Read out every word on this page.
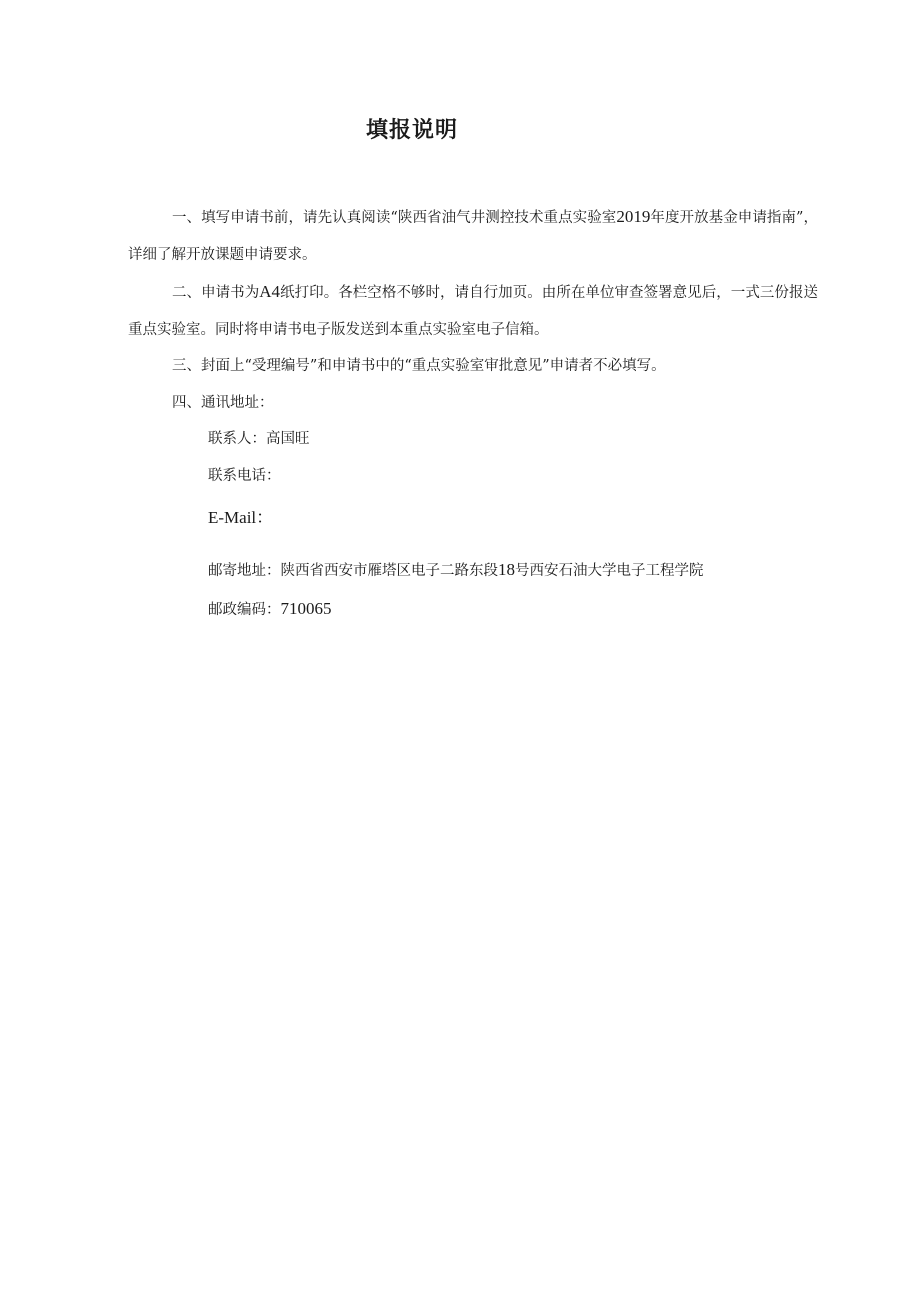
填报说明
一、填写申请书前，请先认真阅读“陕西省油气井测控技术重点实验室2019年度开放基金申请指南”，详细了解开放课题申请要求。
二、申请书为A4纸打印。各栏空格不够时，请自行加页。由所在单位审查签署意见后，一式三份报送重点实验室。同时将申请书电子版发送到本重点实验室电子信箱。
三、封面上“受理编号”和申请书中的“重点实验室审批意见”申请者不必填写。
四、通讯地址：
联系人：高国旺
联系电话：
E-Mail：
邮寄地址：陕西省西安市雁塔区电子二路东段18号西安石油大学电子工程学院
邮政编码：710065
